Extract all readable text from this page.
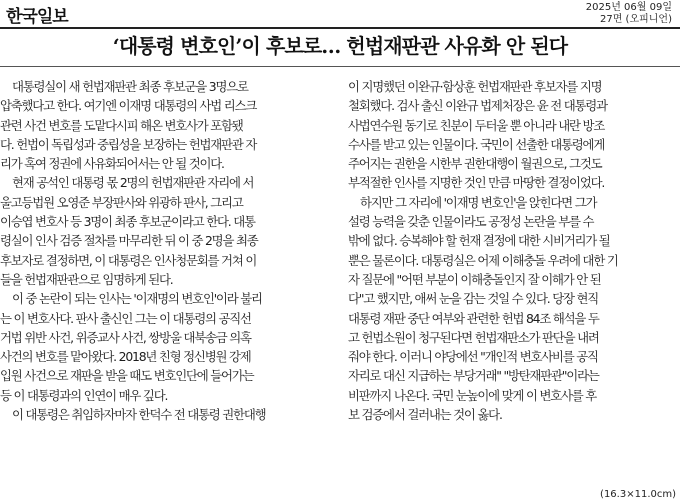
한국일보	2025년 06월 09일
27면 (오피니언)
‘대통령 변호인’이 후보로… 헌법재판관 사유화 안 된다
대통령실이 새 헌법재판관 최종 후보군을 3명으로
압축했다고 한다. 여기엔 이재명 대통령의 사법 리스크
관련 사건 변호를 도맡다시피 해온 변호사가 포함됐
다. 헌법이 독립성과 중립성을 보장하는 헌법재판관 자
리가 혹여 정권에 사유화되어서는 안 될 것이다.
현재 공석인 대통령 몫 2명의 헌법재판관 자리에 서
울고등법원 오영준 부장판사와 위광하 판사, 그리고
이승엽 변호사 등 3명이 최종 후보군이라고 한다. 대통
령실이 인사 검증 절차를 마무리한 뒤 이 중 2명을 최종
후보자로 결정하면, 이 대통령은 인사청문회를 거쳐 이
들을 헌법재판관으로 임명하게 된다.
이 중 논란이 되는 인사는 '이재명의 변호인'이라 불리
는 이 변호사다. 판사 출신인 그는 이 대통령의 공직선
거법 위반 사건, 위증교사 사건, 쌍방울 대북송금 의혹
사건의 변호를 맡아왔다. 2018년 친형 정신병원 강제
입원 사건으로 재판을 받을 때도 변호인단에 들어가는
등 이 대통령과의 인연이 매우 깊다.
이 대통령은 취임하자마자 한덕수 전 대통령 권한대행
이 지명했던 이완규·함상훈 헌법재판관 후보자를 지명
철회했다. 검사 출신 이완규 법제처장은 윤 전 대통령과
사법연수원 동기로 친분이 두터울 뿐 아니라 내란 방조
수사를 받고 있는 인물이다. 국민이 선출한 대통령에게
주어지는 권한을 시한부 권한대행이 월권으로, 그것도
부적절한 인사를 지명한 것인 만큼 마땅한 결정이었다.
하지만 그 자리에 '이재명 변호인'을 앉힌다면 그가
설령 능력을 갖춘 인물이라도 공정성 논란을 부를 수
밖에 없다. 승복해야 할 헌재 결정에 대한 시비거리가 될
뿐은 물론이다. 대통령실은 어제 이해충돌 우려에 대한 기
자 질문에 "어떤 부분이 이해충돌인지 잘 이해가 안 된
다"고 했지만, 애써 눈을 감는 것일 수 있다. 당장 현직
대통령 재판 중단 여부와 관련한 헌법 84조 해석을 두
고 헌법소원이 청구된다면 헌법재판소가 판단을 내려
줘야 한다. 이러니 야당에선 "개인적 변호사비를 공직
자리로 대신 지급하는 부당거래" "방탄재판관"이라는
비판까지 나온다. 국민 눈높이에 맞게 이 변호사를 후
보 검증에서 걸러내는 것이 옳다.
(16.3×11.0cm)
